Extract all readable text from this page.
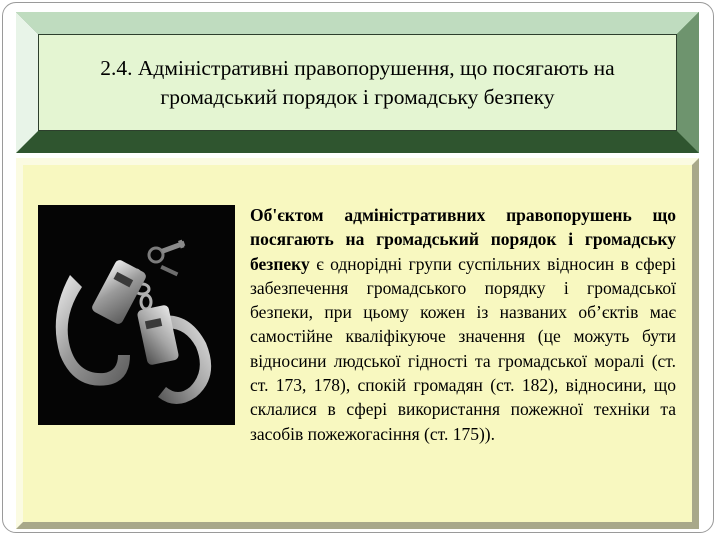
2.4. Адміністративні правопорушення, що посягають на громадський порядок і громадську безпеку

Об'єктом адміністративних правопорушень що посягають на громадський порядок і громадську безпеку є однорідні групи суспільних відносин в сфері забезпечення громадського порядку і громадської безпеки, при цьому кожен із названих об’єктів має самостійне кваліфікуюче значення (це можуть бути відносини людської гідності та громадської моралі (ст. ст. 173, 178), спокій громадян (ст. 182), відносини, що склалися в сфері використання пожежної техніки та засобів пожежогасіння (ст. 175)).
